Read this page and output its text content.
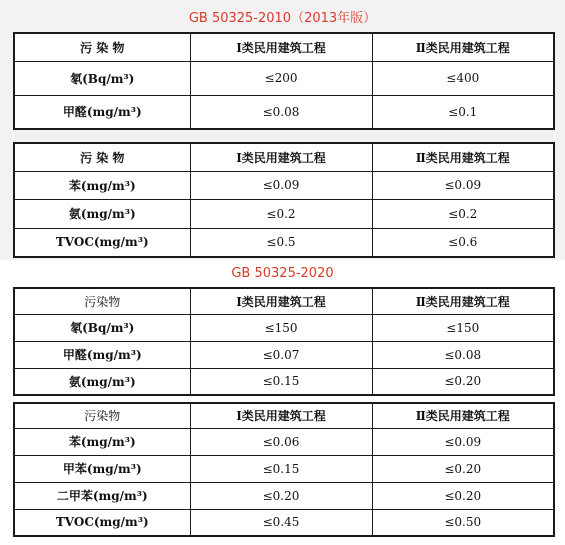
GB 50325-2010（2013年版）
污 染 物	Ⅰ类民用建筑工程	Ⅱ类民用建筑工程
氡(Bq/m³)	≤200	≤400
甲醛(mg/m³)	≤0.08	≤0.1
污 染 物	Ⅰ类民用建筑工程	Ⅱ类民用建筑工程
苯(mg/m³)	≤0.09	≤0.09
氨(mg/m³)	≤0.2	≤0.2
TVOC(mg/m³)	≤0.5	≤0.6
GB 50325-2020
污染物	Ⅰ类民用建筑工程	Ⅱ类民用建筑工程
氡(Bq/m³)	≤150	≤150
甲醛(mg/m³)	≤0.07	≤0.08
氨(mg/m³)	≤0.15	≤0.20
污染物	Ⅰ类民用建筑工程	Ⅱ类民用建筑工程
苯(mg/m³)	≤0.06	≤0.09
甲苯(mg/m³)	≤0.15	≤0.20
二甲苯(mg/m³)	≤0.20	≤0.20
TVOC(mg/m³)	≤0.45	≤0.50
